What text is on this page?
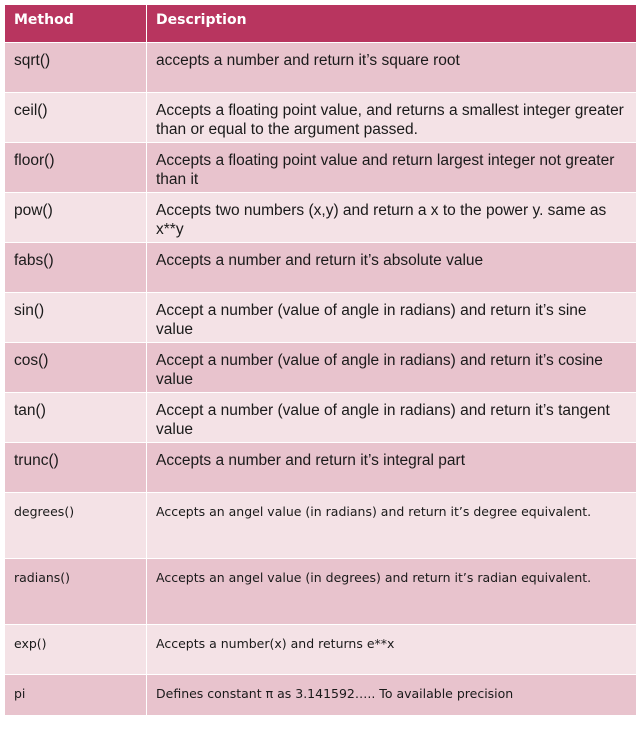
Method	Description
sqrt()	accepts a number and return it’s square root
ceil()	Accepts a floating point value, and returns a smallest integer greater than or equal to the argument passed.
floor()	Accepts a floating point value and return largest integer not greater than it
pow()	Accepts two numbers (x,y) and return a x to the power y. same as x**y
fabs()	Accepts a number and return it’s absolute value
sin()	Accept a number (value of angle in radians) and return it’s sine value
cos()	Accept a number (value of angle in radians) and return it’s cosine value
tan()	Accept a number (value of angle in radians) and return it’s tangent value
trunc()	Accepts a number and return it’s integral part
degrees()	Accepts an angel value (in radians) and return it’s degree equivalent.
radians()	Accepts an angel value (in degrees) and return it’s radian equivalent.
exp()	Accepts a number(x) and returns e**x
pi	Defines constant π as 3.141592….. To available precision
